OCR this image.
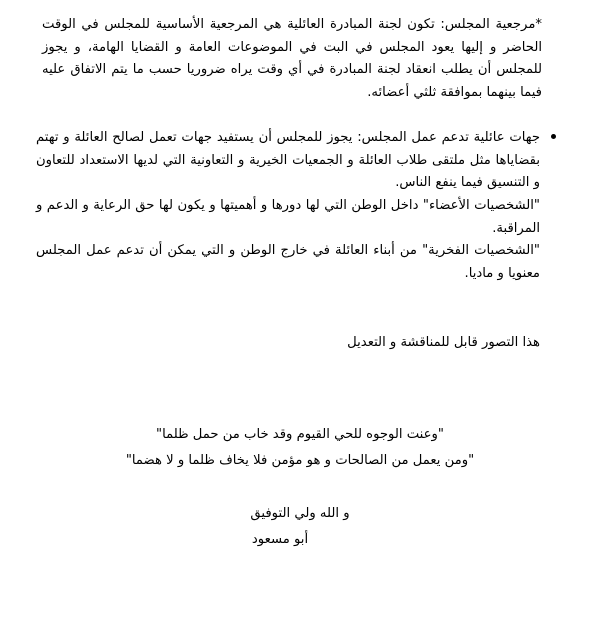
*مرجعية المجلس: تكون لجنة المبادرة العائلية هي المرجعية الأساسية للمجلس في الوقت الحاضر و إليها يعود المجلس في البت في الموضوعات العامة و القضايا الهامة، و يجوز للمجلس أن يطلب انعقاد لجنة المبادرة في أي وقت يراه ضروريا حسب ما يتم الاتفاق عليه فيما بينهما بموافقة ثلثي أعضائه.
جهات عائلية تدعم عمل المجلس: يجوز للمجلس أن يستفيد جهات تعمل لصالح العائلة و تهتم بقضاياها مثل ملتقى طلاب العائلة و الجمعيات الخيرية و التعاونية التي لديها الاستعداد للتعاون و التنسيق فيما ينفع الناس.
"الشخصيات الأعضاء" داخل الوطن التي لها دورها و أهميتها و يكون لها حق الرعاية و الدعم و المراقبة.
"الشخصيات الفخرية" من أبناء العائلة في خارج الوطن و التي يمكن أن تدعم عمل المجلس معنويا و ماديا.
هذا التصور قابل للمناقشة و التعديل
"وعنت الوجوه للحي القيوم وقد خاب من حمل ظلما"
"ومن يعمل من الصالحات و هو مؤمن فلا يخاف ظلما و لا هضما"
و الله ولي التوفيق
أبو مسعود
